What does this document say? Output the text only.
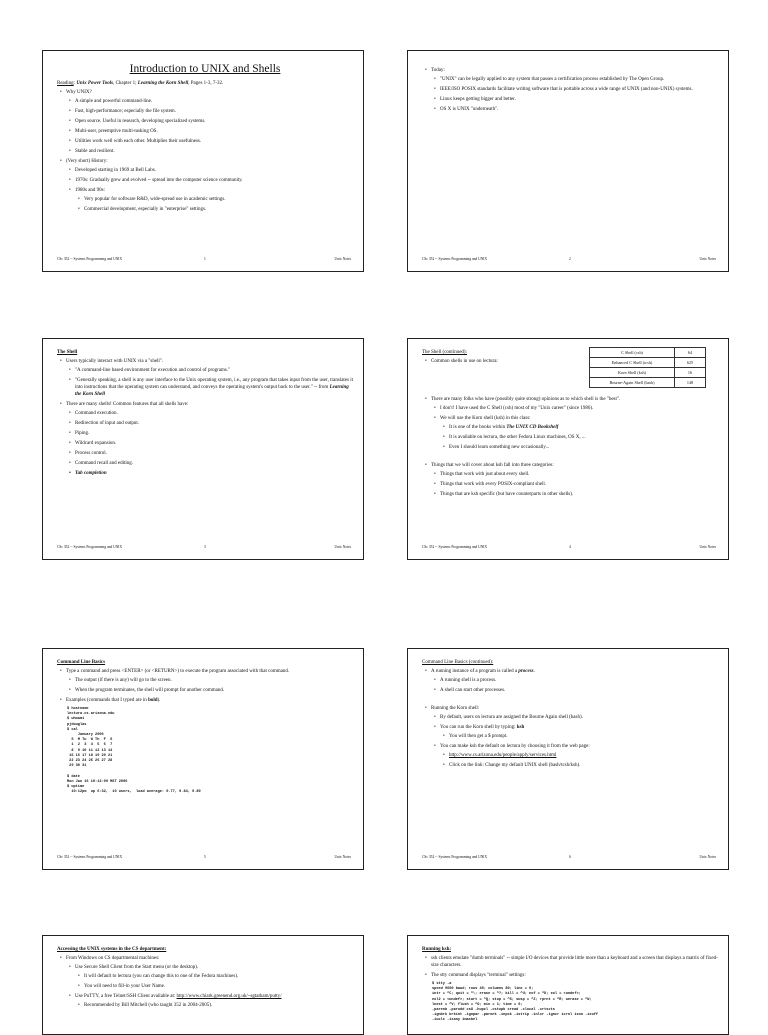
Introduction to UNIX and Shells
Reading: Unix Power Tools, Chapter 1; Learning the Korn Shell, Pages 1-3, 7-32.
• Why UNIX?
• A simple and powerful command-line.
• Fast, high-performance; especially the file system.
• Open source. Useful in research, developing specialized systems.
• Multi-user, preemptive multi-tasking OS.
• Utilities work well with each other. Multiplies their usefulness.
• Stable and resilient.
• (Very short) History:
• Developed starting in 1969 at Bell Labs.
• 1970s: Gradually grew and evolved -- spread into the computer science community.
• 1980s and 90s:
• Very popular for software R&D, wide-spread use in academic settings.
• Commercial development, especially in "enterprise" settings.
CSc 352 -- Systems Programming and UNIX	1	Unix Notes
• Today:
• "UNIX" can be legally applied to any system that passes a certification process established by The Open Group.
• IEEE/ISO POSIX standards facilitate writing software that is portable across a wide range of UNIX (and non-UNIX) systems.
• Linux keeps getting bigger and better.
• OS X is UNIX "underneath".
CSc 352 -- Systems Programming and UNIX	2	Unix Notes
The Shell
• Users typically interact with UNIX via a "shell".
• "A command-line based environment for execution and control of programs."
• "Generally speaking, a shell is any user interface to the Unix operating system, i.e., any program that takes input from the user, translates it into instructions that the operating system can understand, and conveys the operating system's output back to the user." -- from Learning the Korn Shell
• There are many shells! Common features that all shells have:
• Command execution.
• Redirection of input and output.
• Piping.
• Wildcard expansion.
• Process control.
• Command recall and editing.
• Tab completion
CSc 352 -- Systems Programming and UNIX	3	Unix Notes
C Shell (csh)	64
Enhanced C Shell (tcsh)	625
Korn Shell (ksh)	16
Bourne-Again Shell (bash)	148
The Shell (continued):
• Common shells in use on lectura:
• There are many folks who have (possibly quite strong) opinions as to which shell is the "best".
• I don't! I have used the C Shell (csh) most of my "Unix career" (since 1986).
• We will use the Korn shell (ksh) in this class:
• It is one of the books within The UNIX CD Bookshelf
• It is available on lectura, the other Fedora Linux machines, OS X, ...
• Even I should learn something new occasionally...
• Things that we will cover about ksh fall into three categories:
• Things that work with just about every shell.
• Things that work with every POSIX-compliant shell.
• Things that are ksh specific (but have counterparts in other shells).
CSc 352 -- Systems Programming and UNIX	4	Unix Notes
Command Line Basics
• Type a command and press <ENTER> (or <RETURN>) to execute the program associated with that command.
• The output (if there is any) will go to the screen.
• When the program terminates, the shell will prompt for another command.
• Examples (commands that I typed are in bold).
$ hostname
lectura.cs.arizona.edu
$ whoami
pjdouglas
$ cal
January 2006
S  M Tu  W Th  F  S
1  2  3  4  5  6  7
8  9 10 11 12 13 14
15 16 17 18 19 20 21
22 23 24 25 26 27 28
29 30 31

$ date
Mon Jan 16 10:12:09 MST 2006
$ uptime
10:12pm  up 6:32,  10 users,  load average: 0.77, 0.84, 0.80
CSc 352 -- Systems Programming and UNIX	5	Unix Notes
Command Line Basics (continued):
• A running instance of a program is called a process.
• A running shell is a process.
• A shell can start other processes.
• Running the Korn shell:
• By default, users on lectura are assigned the Bourne Again shell (bash).
• You can run the Korn shell by typing: ksh
• You will then get a $ prompt.
• You can make ksh the default on lectura by choosing it from the web page:
• http://www.cs.arizona.edu/people/apply/services.html
• Click on the link: Change my default UNIX shell (bash/tcsh/ksh).
CSc 352 -- Systems Programming and UNIX	6	Unix Notes
Accessing the UNIX systems in the CS department:
• From Windows on CS departmental machines:
• Use Secure Shell Client from the Start menu (or the desktop).
• It will default to lectura (you can change this to one of the Fedora machines).
• You will need to fill-in your User Name.
• Use PuTTY, a free Telnet/SSH Client available at: http://www.chiark.greenend.org.uk/~sgtatham/putty/
• Recommended by Bill Mitchell (who taught 352 in 2004-2005).
Running ksh:
• ssh clients emulate "dumb terminals" -- simple I/O devices that provide little more than a keyboard and a screen that displays a matrix of fixed-size characters.
• The stty command displays "terminal" settings:
$ stty -a
speed 9600 baud; rows 40; columns 80; line = 0;
intr = ^C; quit = ^\; erase = ^?; kill = ^U; eof = ^D; eol = <undef>;
eol2 = <undef>; start = ^Q; stop = ^S; susp = ^Z; rprnt = ^R; werase = ^W;
lnext = ^V; flush = ^O; min = 1; time = 0;
-parenb -parodd cs8 -hupcl -cstopb cread -clocal -crtscts
-ignbrk brkint -ignpar -parmrk -inpck -istrip -inlcr -igncr icrnl ixon -ixoff
-iuclc -ixany imaxbel
